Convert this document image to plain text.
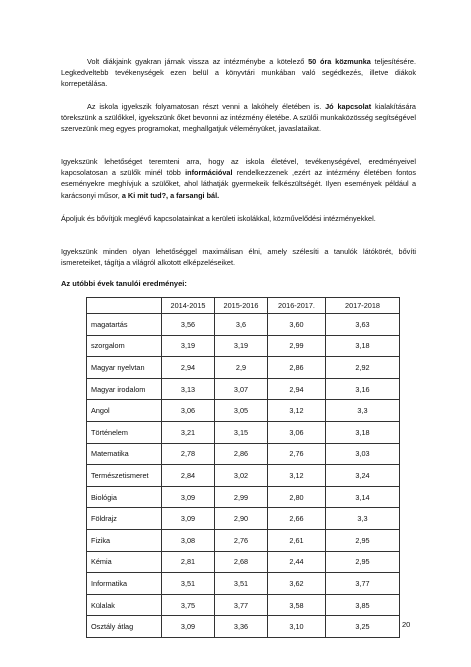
Volt diákjaink gyakran járnak vissza az intézménybe a kötelező 50 óra közmunka teljesítésére. Legkedveltebb tevékenységek ezen belül a könyvtári munkában való segédkezés, illetve diákok korrepetálása.

Az iskola igyekszik folyamatosan részt venni a lakóhely életében is. Jó kapcsolat kialakítására törekszünk a szülőkkel, igyekszünk őket bevonni az intézmény életébe. A szülői munkaközösség segítségével szervezünk meg egyes programokat, meghallgatjuk véleményüket, javaslataikat.

Igyekszünk lehetőséget teremteni arra, hogy az iskola életével, tevékenységével, eredményeivel kapcsolatosan a szülők minél több információval rendelkezzenek ,ezért az intézmény életében fontos eseményekre meghívjuk a szülőket, ahol láthatják gyermekeik felkészültségét. Ilyen események például a karácsonyi műsor, a Ki mit tud?, a farsangi bál.

Ápoljuk és bővítjük meglévő kapcsolatainkat a kerületi iskolákkal, közművelődési intézményekkel.

Igyekszünk minden olyan lehetőséggel maximálisan élni, amely szélesíti a tanulók látókörét, bővíti ismereteiket, tágítja a világról alkotott elképzeléseiket.

Az utóbbi évek tanulói eredményei:

	2014-2015	2015-2016	2016-2017.	2017-2018
magatartás	3,56	3,6	3,60	3,63
szorgalom	3,19	3,19	2,99	3,18
Magyar nyelvtan	2,94	2,9	2,86	2,92
Magyar irodalom	3,13	3,07	2,94	3,16
Angol	3,06	3,05	3,12	3,3
Történelem	3,21	3,15	3,06	3,18
Matematika	2,78	2,86	2,76	3,03
Természetismeret	2,84	3,02	3,12	3,24
Biológia	3,09	2,99	2,80	3,14
Földrajz	3,09	2,90	2,66	3,3
Fizika	3,08	2,76	2,61	2,95
Kémia	2,81	2,68	2,44	2,95
Informatika	3,51	3,51	3,62	3,77
Külalak	3,75	3,77	3,58	3,85
Osztály átlag	3,09	3,36	3,10	3,25	20
